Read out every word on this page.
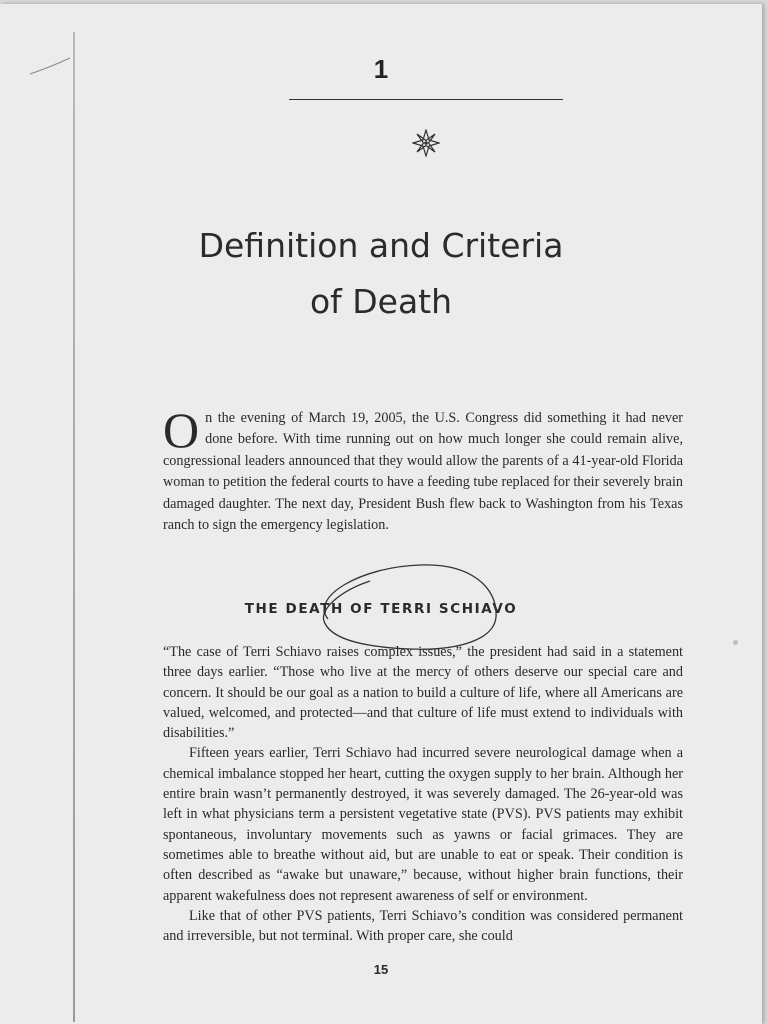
1
Definition and Criteria
of Death

On the evening of March 19, 2005, the U.S. Congress did something it had never done before. With time running out on how much longer she could remain alive, congressional leaders announced that they would allow the parents of a 41-year-old Florida woman to petition the federal courts to have a feeding tube replaced for their severely brain damaged daughter. The next day, President Bush flew back to Washington from his Texas ranch to sign the emergency legislation.

THE DEATH OF TERRI SCHIAVO

“The case of Terri Schiavo raises complex issues,” the president had said in a statement three days earlier. “Those who live at the mercy of others deserve our special care and concern. It should be our goal as a nation to build a culture of life, where all Americans are valued, welcomed, and protected—and that culture of life must extend to individuals with disabilities.”

Fifteen years earlier, Terri Schiavo had incurred severe neurological damage when a chemical imbalance stopped her heart, cutting the oxygen supply to her brain. Although her entire brain wasn’t permanently destroyed, it was severely damaged. The 26-year-old was left in what physicians term a persistent vegetative state (PVS). PVS patients may exhibit spontaneous, involuntary movements such as yawns or facial grimaces. They are sometimes able to breathe without aid, but are unable to eat or speak. Their condition is often described as “awake but unaware,” because, without higher brain functions, their apparent wakefulness does not represent awareness of self or environment.

Like that of other PVS patients, Terri Schiavo’s condition was considered permanent and irreversible, but not terminal. With proper care, she could

15
